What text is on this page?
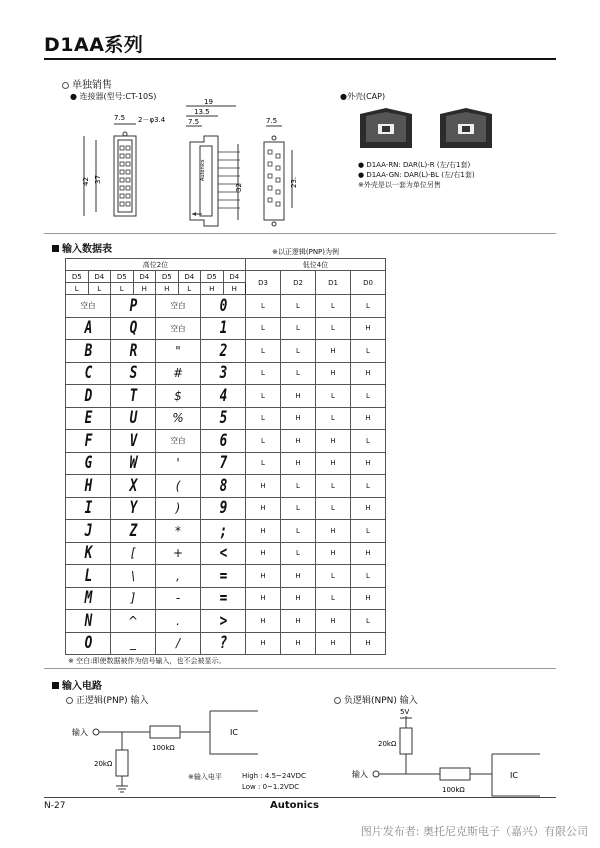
D1AA系列
单独销售
● 连接器(型号:CT-10S)
7.5 2－φ3.4
42 37
19
13.5
7.5
32
Autonics
7.5
23.
●外壳(CAP)
● D1AA-RN: DAR(L)-R (左/右1套)
● D1AA-GN: DAR(L)-BL (左/右1套)
※外壳是以一套为单位另售
输入数据表	※以正逻辑(PNP)为例
高位2位								低位4位			
D5	D4	D5	D4	D5	D4	D5	D4	D3	D2	D1	D0
L	L	L	H	H	L	H	H				
空白		P		空白		0		L	L	L	L
A		Q		空白		1		L	L	L	H
B		R		"		2		L	L	H	L
C		S		#		3		L	L	H	H
D		T		$		4		L	H	L	L
E		U		%		5		L	H	L	H
F		V		空白		6		L	H	H	L
G		W		'		7		L	H	H	H
H		X		(		8		H	L	L	L
I		Y		)		9		H	L	L	H
J		Z		*		;		H	L	H	L
K		[		+		<		H	L	H	H
L		\		,		=		H	H	L	L
M		]		-		=		H	H	L	H
N		^		.		>		H	H	H	L
O		_		/		?		H	H	H	H
※ 空白:即使数据被作为信号输入，也不会被显示。
输入电路
正逻辑(PNP) 输入	负逻辑(NPN) 输入
输入
100kΩ
IC
20kΩ
※输入电平	High : 4.5~24VDC
Low : 0~1.2VDC
5V
20kΩ
输入
100kΩ
IC
N-27	Autonics
图片发布者: 奥托尼克斯电子（嘉兴）有限公司
